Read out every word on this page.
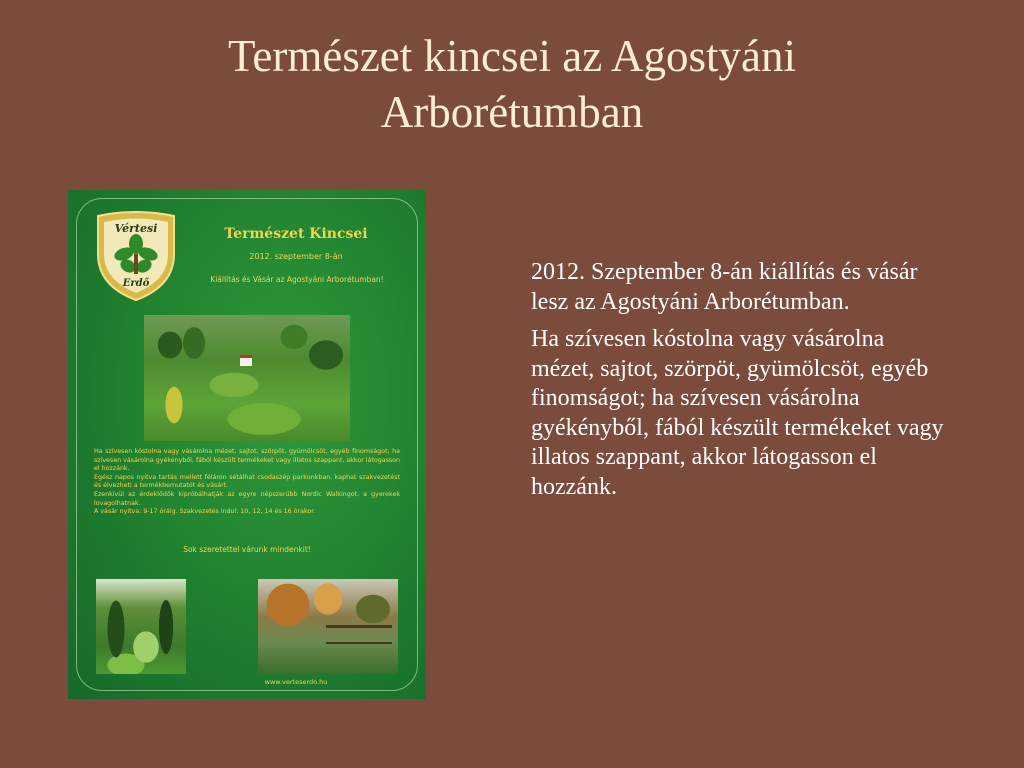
Természet kincsei az Agostyáni
Arborétumban
Vértesi
Erdő
Természet Kincsei
2012. szeptember 8-án
Kiállítás és Vásár az Agostyáni Arborétumban!

Ha szívesen kóstolna vagy vásárolna mézet, sajtot, szörpöt, gyümölcsöt, egyéb finomságot; ha szívesen vásárolna gyékényből, fából készült termékeket vagy illatos szappant, akkor látogasson el hozzánk.

Egész napos nyitva tartás mellett féláron sétálhat csodaszép parkunkban, kaphat szakvezetést és élvezheti a termékbemutatót és vásárt.

Ezenkívül az érdeklődők kipróbálhatják az egyre népszerűbb Nordic Walkingot, a gyerekek lovagolhatnak.

A vásár nyitva: 9-17 óráig. Szakvezetés indul: 10, 12, 14 és 16 órakor.

Sok szeretettel várunk mindenkit!
www.verteserdo.hu

2012. Szeptember 8-án kiállítás és vásár lesz az Agostyáni Arborétumban.

Ha szívesen kóstolna vagy vásárolna mézet, sajtot, szörpöt, gyümölcsöt, egyéb finomságot; ha szívesen vásárolna gyékényből, fából készült termékeket vagy illatos szappant, akkor látogasson el hozzánk.
